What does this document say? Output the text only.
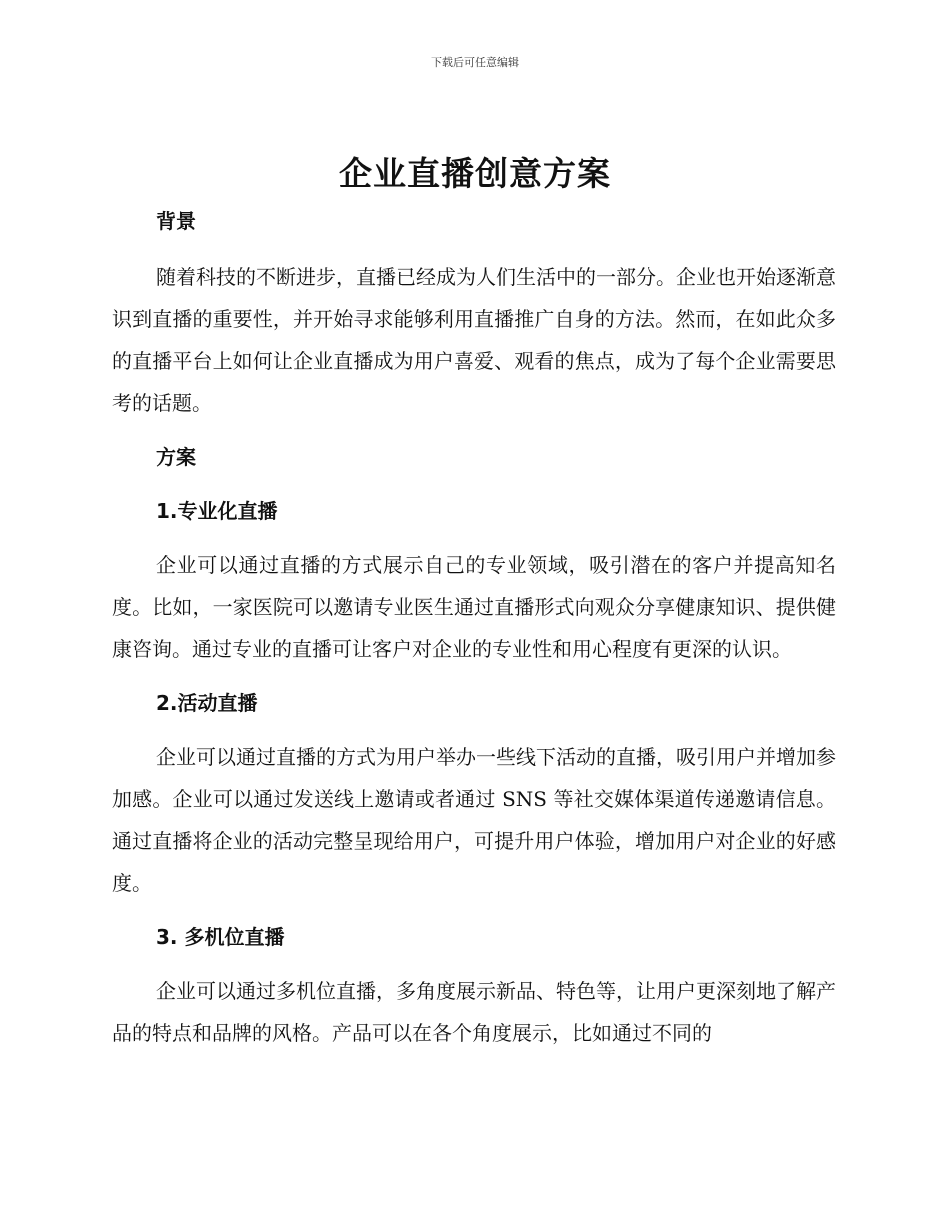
下载后可任意编辑
企业直播创意方案

背景

随着科技的不断进步，直播已经成为人们生活中的一部分。企业也开始逐渐意识到直播的重要性，并开始寻求能够利用直播推广自身的方法。然而，在如此众多的直播平台上如何让企业直播成为用户喜爱、观看的焦点，成为了每个企业需要思考的话题。

方案

1.专业化直播

企业可以通过直播的方式展示自己的专业领域，吸引潜在的客户并提高知名度。比如，一家医院可以邀请专业医生通过直播形式向观众分享健康知识、提供健康咨询。通过专业的直播可让客户对企业的专业性和用心程度有更深的认识。

2.活动直播

企业可以通过直播的方式为用户举办一些线下活动的直播，吸引用户并增加参加感。企业可以通过发送线上邀请或者通过 SNS 等社交媒体渠道传递邀请信息。通过直播将企业的活动完整呈现给用户，可提升用户体验，增加用户对企业的好感度。

3. 多机位直播

企业可以通过多机位直播，多角度展示新品、特色等，让用户更深刻地了解产品的特点和品牌的风格。产品可以在各个角度展示，比如通过不同的
